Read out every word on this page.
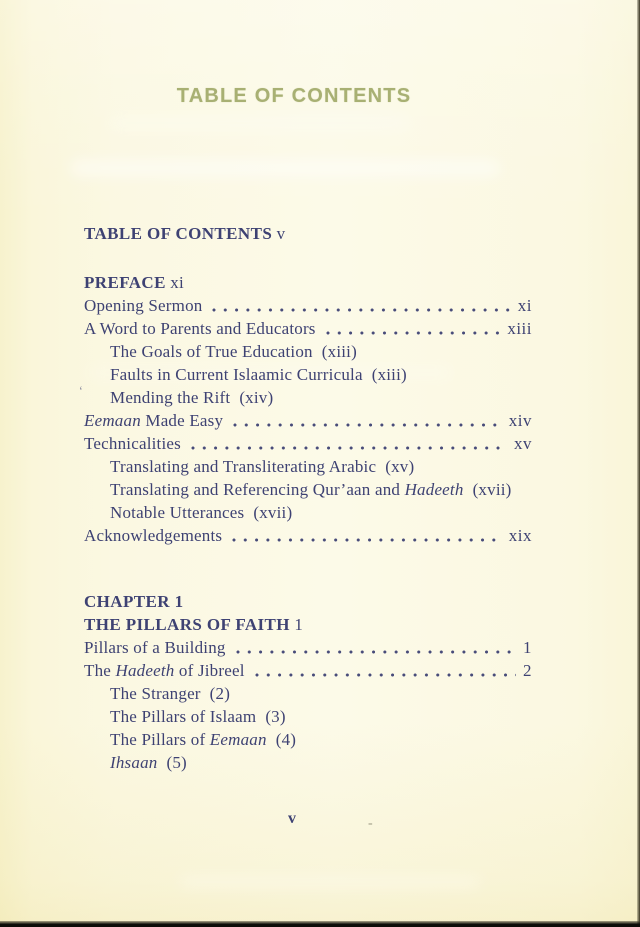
TABLE OF CONTENTS
TABLE OF CONTENTS v
PREFACE xi
Opening Sermon	xi
A Word to Parents and Educators	xiii
The Goals of True Education (xiii)
Faults in Current Islaamic Curricula (xiii)
Mending the Rift (xiv)
Eemaan Made Easy	xiv
Technicalities	xv
Translating and Transliterating Arabic (xv)
Translating and Referencing Qur’aan and Hadeeth (xvii)
Notable Utterances (xvii)
Acknowledgements	xix
CHAPTER 1
THE PILLARS OF FAITH 1
Pillars of a Building	1
The Hadeeth of Jibreel	2
The Stranger (2)
The Pillars of Islaam (3)
The Pillars of Eemaan (4)
Ihsaan (5)
‘
v	-
